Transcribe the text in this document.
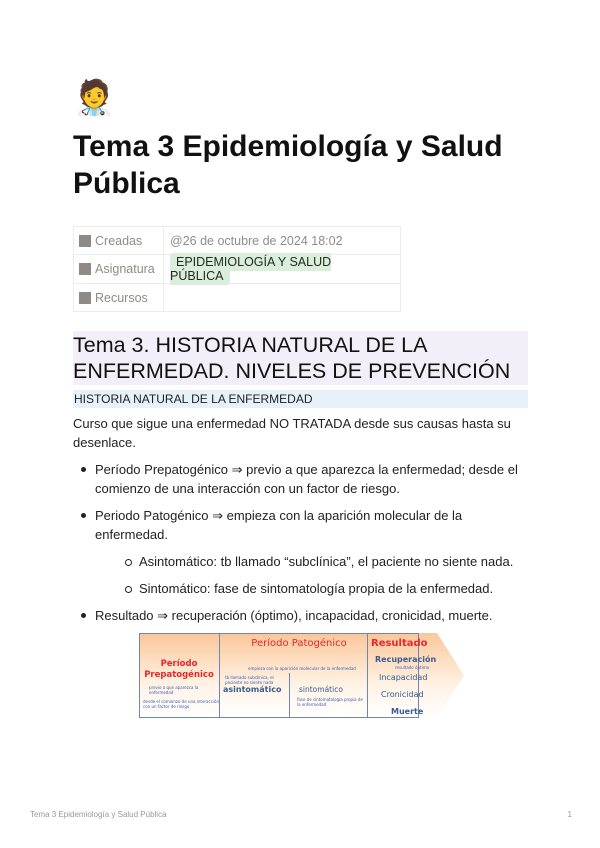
🧑‍⚕️
Tema 3 Epidemiología y Salud Pública
Creadas	@26 de octubre de 2024 18:02
Asignatura	EPIDEMIOLOGÍA Y SALUD PÚBLICA
Recursos	
Tema 3. HISTORIA NATURAL DE LA ENFERMEDAD. NIVELES DE PREVENCIÓN
HISTORIA NATURAL DE LA ENFERMEDAD

Curso que sigue una enfermedad NO TRATADA desde sus causas hasta su desenlace.

Período Prepatogénico ⇒ previo a que aparezca la enfermedad; desde el comienzo de una interacción con un factor de riesgo.
Periodo Patogénico ⇒ empieza con la aparición molecular de la enfermedad.
Asintomático: tb llamado “subclínica”, el paciente no siente nada.
Sintomático: fase de sintomatología propia de la enfermedad.
Resultado ⇒ recuperación (óptimo), incapacidad, cronicidad, muerte.
Período Prepatogénico
previo a que aparezca la enfermedad
desde el comienzo de una interacción con un factor de riesgo
Período Patogénico
empieza con la aparición molecular de la enfermedad
tb llamado subclínica, el paciente no siente nada
asintomático sintomático
fase de sintomatología propia de la enfermedad
Resultado
Recuperación
resultado óptimo
Incapacidad
Cronicidad
Muerte
Tema 3 Epidemiología y Salud Pública	1
